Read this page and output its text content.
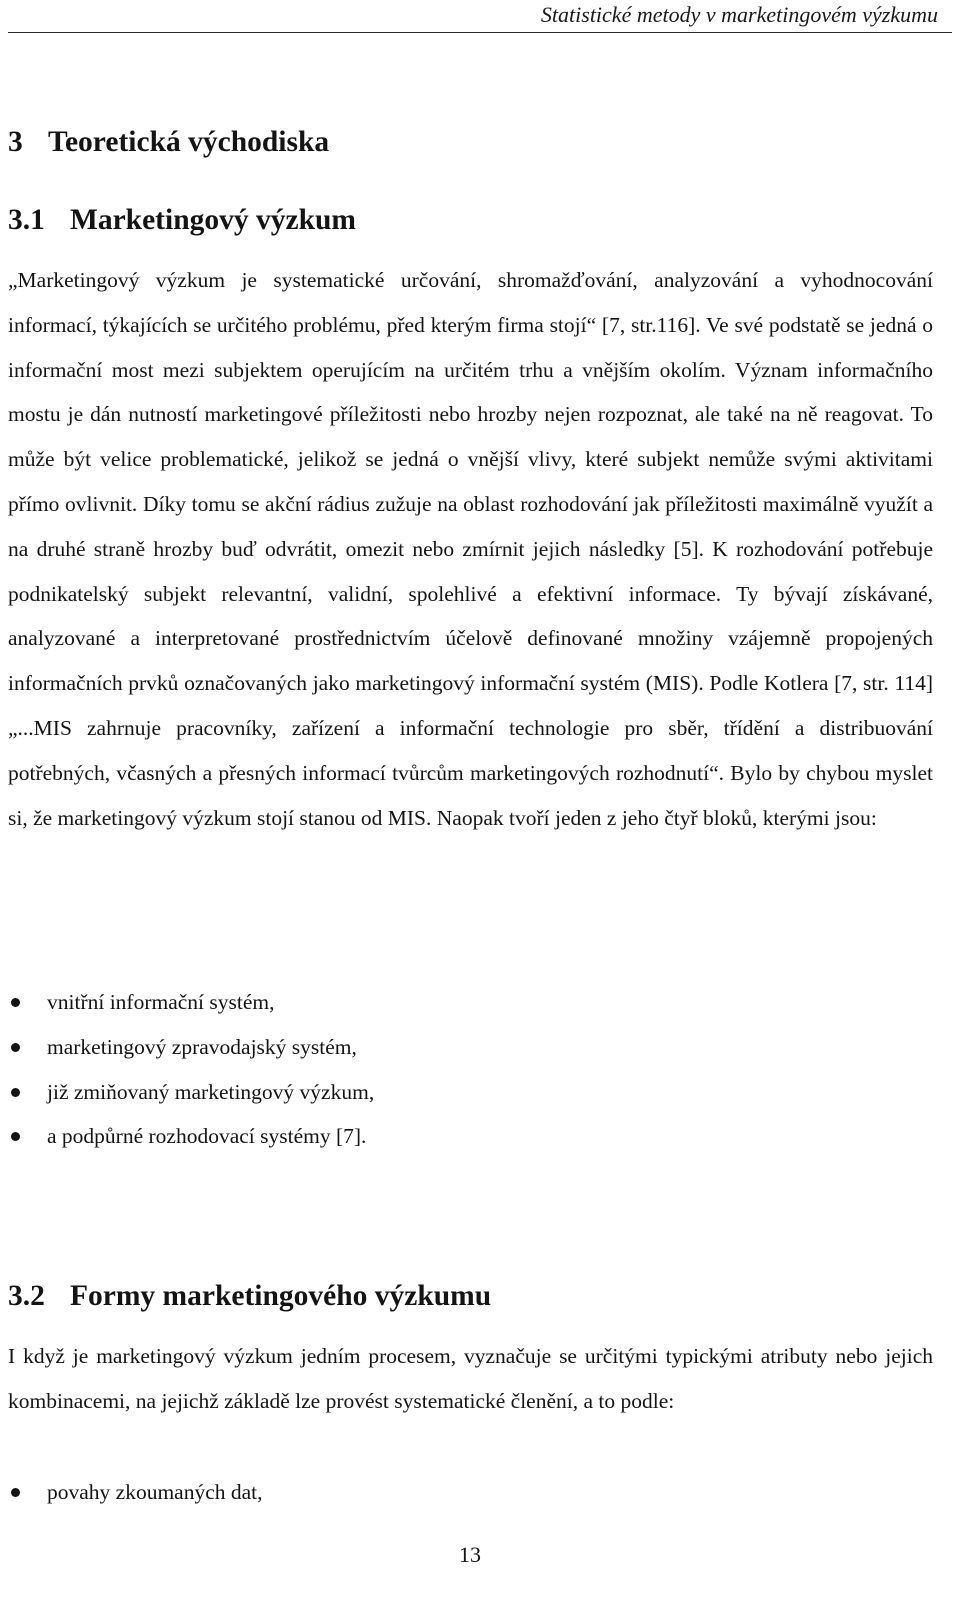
Statistické metody v marketingovém výzkumu
3 Teoretická východiska
3.1 Marketingový výzkum

„Marketingový výzkum je systematické určování, shromažďování, analyzování a vyhodnocování informací, týkajících se určitého problému, před kterým firma stojí“ [7, str.116]. Ve své podstatě se jedná o informační most mezi subjektem operujícím na určitém trhu a vnějším okolím. Význam informačního mostu je dán nutností marketingové příležitosti nebo hrozby nejen rozpoznat, ale také na ně reagovat. To může být velice problematické, jelikož se jedná o vnější vlivy, které subjekt nemůže svými aktivitami přímo ovlivnit. Díky tomu se akční rádius zužuje na oblast rozhodování jak příležitosti maximálně využít a na druhé straně hrozby buď odvrátit, omezit nebo zmírnit jejich následky [5]. K rozhodování potřebuje podnikatelský subjekt relevantní, validní, spolehlivé a efektivní informace. Ty bývají získávané, analyzované a interpretované prostřednictvím účelově definované množiny vzájemně propojených informačních prvků označovaných jako marketingový informační systém (MIS). Podle Kotlera [7, str. 114] „...MIS zahrnuje pracovníky, zařízení a informační technologie pro sběr, třídění a distribuování potřebných, včasných a přesných informací tvůrcům marketingových rozhodnutí“. Bylo by chybou myslet si, že marketingový výzkum stojí stanou od MIS. Naopak tvoří jeden z jeho čtyř bloků, kterými jsou:

vnitřní informační systém,
marketingový zpravodajský systém,
již zmiňovaný marketingový výzkum,
a podpůrné rozhodovací systémy [7].
3.2 Formy marketingového výzkumu

I když je marketingový výzkum jedním procesem, vyznačuje se určitými typickými atributy nebo jejich kombinacemi, na jejichž základě lze provést systematické členění, a to podle:

povahy zkoumaných dat,
13
